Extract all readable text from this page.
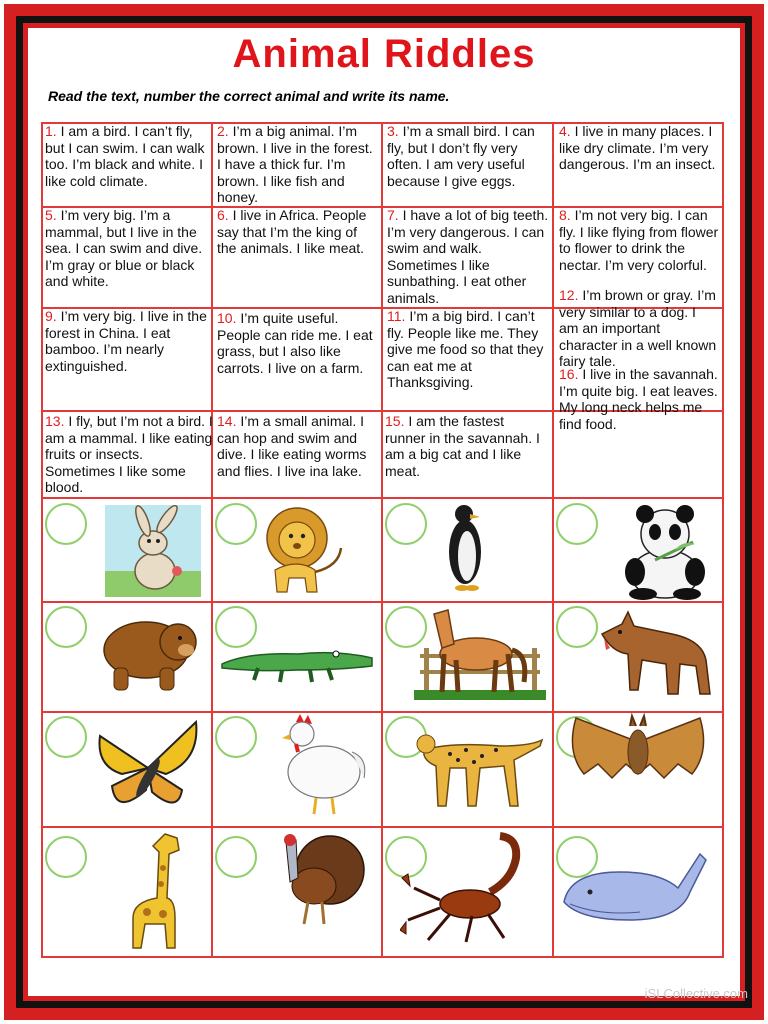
Animal Riddles
Read the text, number the correct animal and write its name.
1. I am a bird. I can’t fly, but I can swim. I can walk too. I’m black and white. I like cold climate.
2. I’m a big animal. I’m brown. I live in the forest. I have a thick fur. I’m brown. I like fish and honey.
3. I’m a small bird. I can fly, but I don’t fly very often. I am very useful because I give eggs.
4. I live in many places. I like dry climate. I’m very dangerous. I’m an insect.
5. I’m very big. I’m a mammal, but I live in the sea. I can swim and dive. I’m gray or blue or black and white.
6. I live in Africa. People say that I’m the king of the animals. I like meat.
7. I have a lot of big teeth. I’m very dangerous. I can swim and walk. Sometimes I like sunbathing. I eat other animals.
8. I’m not very big. I can fly. I like flying from flower to flower to drink the nectar. I’m very colorful.
9. I’m very big. I live in the forest in China. I eat bamboo. I’m nearly extinguished.
10. I’m quite useful. People can ride me. I eat grass, but I also like carrots. I live on a farm.
11. I’m a big bird. I can’t fly. People like me. They give me food so that they can eat me at Thanksgiving.
12. I’m brown or gray. I’m very similar to a dog. I am an important character in a well known fairy tale.
13. I fly, but I’m not a bird. I am a mammal. I like eating fruits or insects. Sometimes I like some blood.
14. I’m a small animal. I can hop and swim and dive. I like eating worms and flies. I live ina lake.
15. I am the fastest runner in the savannah. I am a big cat and I like meat.
16. I live in the savannah. I’m quite big. I eat leaves. My long neck helps me find food.
iSLCollective.com
